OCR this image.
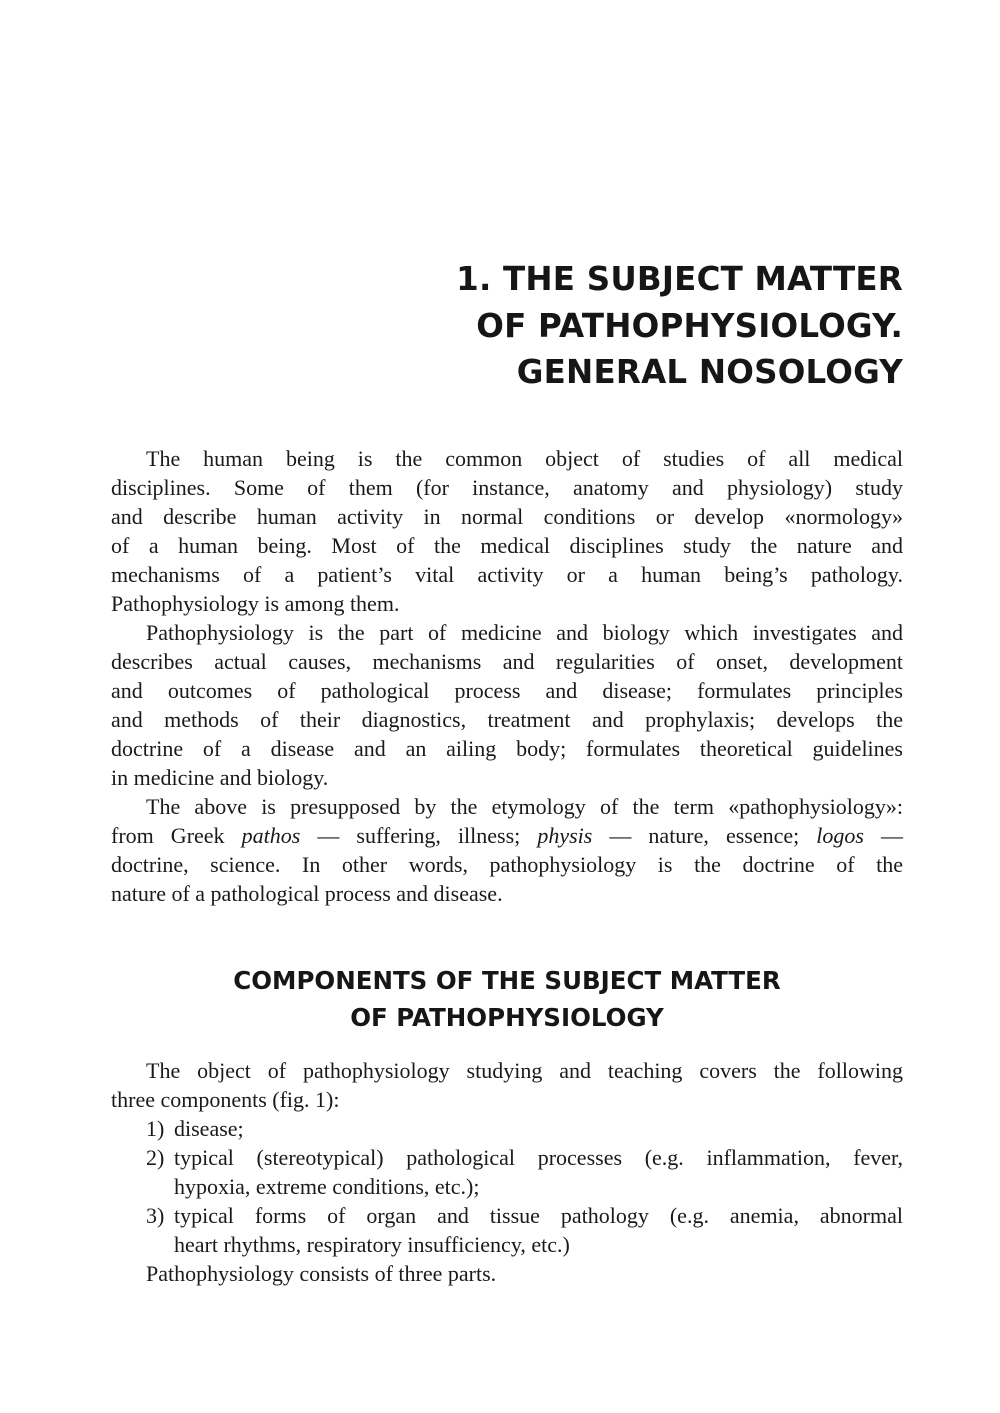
1. THE SUBJECT MATTER
OF PATHOPHYSIOLOGY.
GENERAL NOSOLOGY
The human being is the common object of studies of all medical
disciplines. Some of them (for instance, anatomy and physiology) study
and describe human activity in normal conditions or develop «normology»
of a human being. Most of the medical disciplines study the nature and
mechanisms of a patient’s vital activity or a human being’s pathology.
Pathophysiology is among them.
Pathophysiology is the part of medicine and biology which investigates and
describes actual causes, mechanisms and regularities of onset, development
and outcomes of pathological process and disease; formulates principles
and methods of their diagnostics, treatment and prophylaxis; develops the
doctrine of a disease and an ailing body; formulates theoretical guidelines
in medicine and biology.
The above is presupposed by the etymology of the term «pathophysiology»:
from Greek pathos — suffering, illness; physis — nature, essence; logos —
doctrine, science. In other words, pathophysiology is the doctrine of the
nature of a pathological process and disease.
COMPONENTS OF THE SUBJECT MATTER
OF PATHOPHYSIOLOGY
The object of pathophysiology studying and teaching covers the following
three components (fig. 1):
1) disease;
2) typical (stereotypical) pathological processes (e.g. inflammation, fever,
hypoxia, extreme conditions, etc.);
3) typical forms of organ and tissue pathology (e.g. anemia, abnormal
heart rhythms, respiratory insufficiency, etc.)
Pathophysiology consists of three parts.
